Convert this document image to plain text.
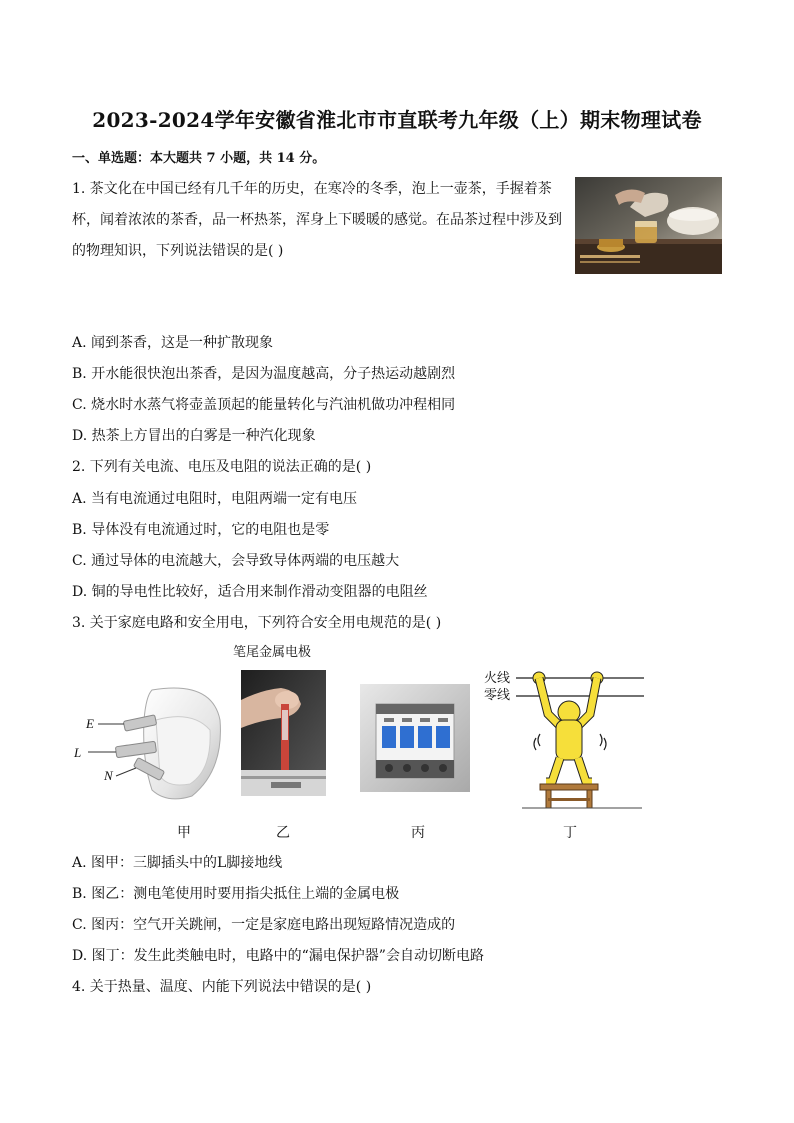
2023-2024学年安徽省淮北市市直联考九年级（上）期末物理试卷
一、单选题：本大题共 7 小题，共 14 分。
1. 茶文化在中国已经有几千年的历史，在寒冷的冬季，泡上一壶茶，手握着茶杯，闻着浓浓的茶香，品一杯热茶，浑身上下暖暖的感觉。在品茶过程中涉及到的物理知识，下列说法错误的是( )
A. 闻到茶香，这是一种扩散现象
B. 开水能很快泡出茶香，是因为温度越高，分子热运动越剧烈
C. 烧水时水蒸气将壶盖顶起的能量转化与汽油机做功冲程相同
D. 热茶上方冒出的白雾是一种汽化现象
2. 下列有关电流、电压及电阻的说法正确的是( )
A. 当有电流通过电阻时，电阻两端一定有电压
B. 导体没有电流通过时，它的电阻也是零
C. 通过导体的电流越大，会导致导体两端的电压越大
D. 铜的导电性比较好，适合用来制作滑动变阻器的电阻丝
3. 关于家庭电路和安全用电，下列符合安全用电规范的是( )
E
L
N
笔尾金属电极
火线
零线
甲	乙	丙	丁
A. 图甲：三脚插头中的L脚接地线
B. 图乙：测电笔使用时要用指尖抵住上端的金属电极
C. 图丙：空气开关跳闸，一定是家庭电路出现短路情况造成的
D. 图丁：发生此类触电时，电路中的“漏电保护器”会自动切断电路
4. 关于热量、温度、内能下列说法中错误的是( )
